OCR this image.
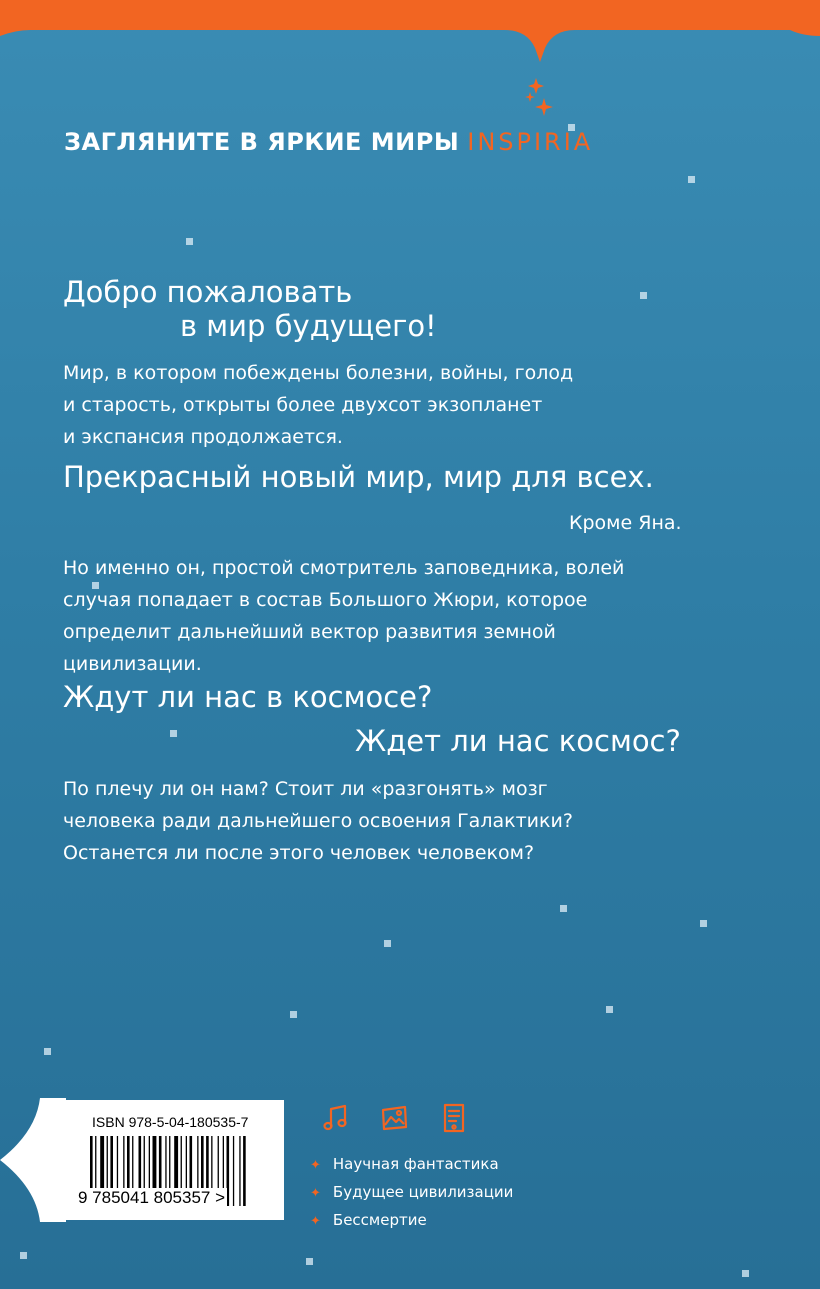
ЗАГЛЯНИТЕ В ЯРКИЕ МИРЫ INSPIRIA
Добро пожаловать
в мир будущего!
Мир, в котором побеждены болезни, войны, голод
и старость, открыты более двухсот экзопланет
и экспансия продолжается.
Прекрасный новый мир, мир для всех.
Кроме Яна.
Но именно он, простой смотритель заповедника, волей
случая попадает в состав Большого Жюри, которое
определит дальнейший вектор развития земной
цивилизации.
Ждут ли нас в космосе?
Ждет ли нас космос?
По плечу ли он нам? Стоит ли «разгонять» мозг
человека ради дальнейшего освоения Галактики?
Останется ли после этого человек человеком?
ISBN 978-5-04-180535-7
9 785041 805357 >
✦ Научная фантастика
✦ Будущее цивилизации
✦ Бессмертие
